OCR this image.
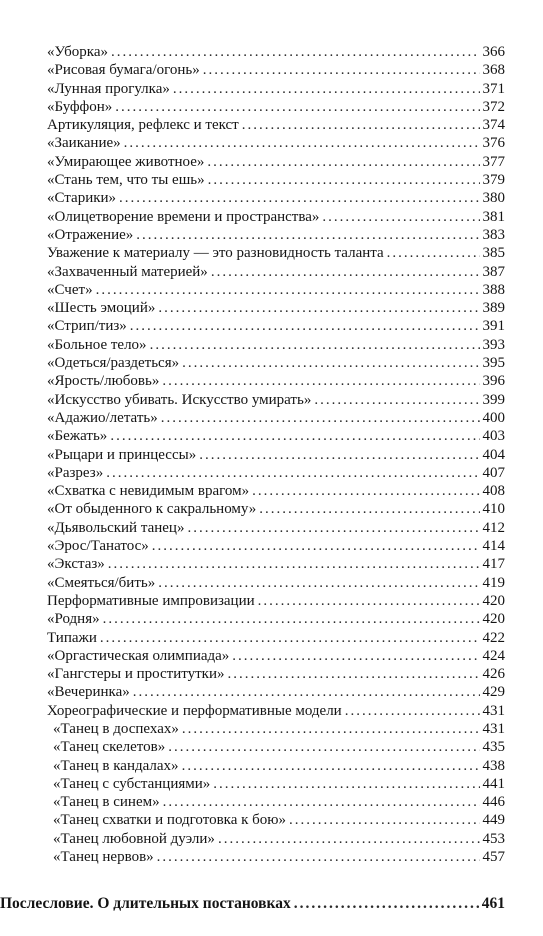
«Уборка» .....	366
«Рисовая бумага/огонь» .....	368
«Лунная прогулка» .....	371
«Буффон» .....	372
Артикуляция, рефлекс и текст .....	374
«Заикание» .....	376
«Умирающее животное» .....	377
«Стань тем, что ты ешь» .....	379
«Старики» .....	380
«Олицетворение времени и пространства» .....	381
«Отражение» .....	383
Уважение к материалу — это разновидность таланта .....	385
«Захваченный материей» .....	387
«Счет» .....	388
«Шесть эмоций» .....	389
«Стрип/тиз» .....	391
«Больное тело» .....	393
«Одеться/раздеться» .....	395
«Ярость/любовь» .....	396
«Искусство убивать. Искусство умирать» .....	399
«Адажио/летать» .....	400
«Бежать» .....	403
«Рыцари и принцессы» .....	404
«Разрез» .....	407
«Схватка с невидимым врагом» .....	408
«От обыденного к сакральному» .....	410
«Дьявольский танец» .....	412
«Эрос/Танатос» .....	414
«Экстаз» .....	417
«Смеяться/бить» .....	419
Перформативные импровизации .....	420
«Родня» .....	420
Типажи .....	422
«Оргастическая олимпиада» .....	424
«Гангстеры и проститутки» .....	426
«Вечеринка» .....	429
Хореографические и перформативные модели .....	431
«Танец в доспехах» .....	431
«Танец скелетов» .....	435
«Танец в кандалах» .....	438
«Танец с субстанциями» .....	441
«Танец в синем» .....	446
«Танец схватки и подготовка к бою» .....	449
«Танец любовной дуэли» .....	453
«Танец нервов» .....	457
Послесловие. О длительных постановках .....	461
